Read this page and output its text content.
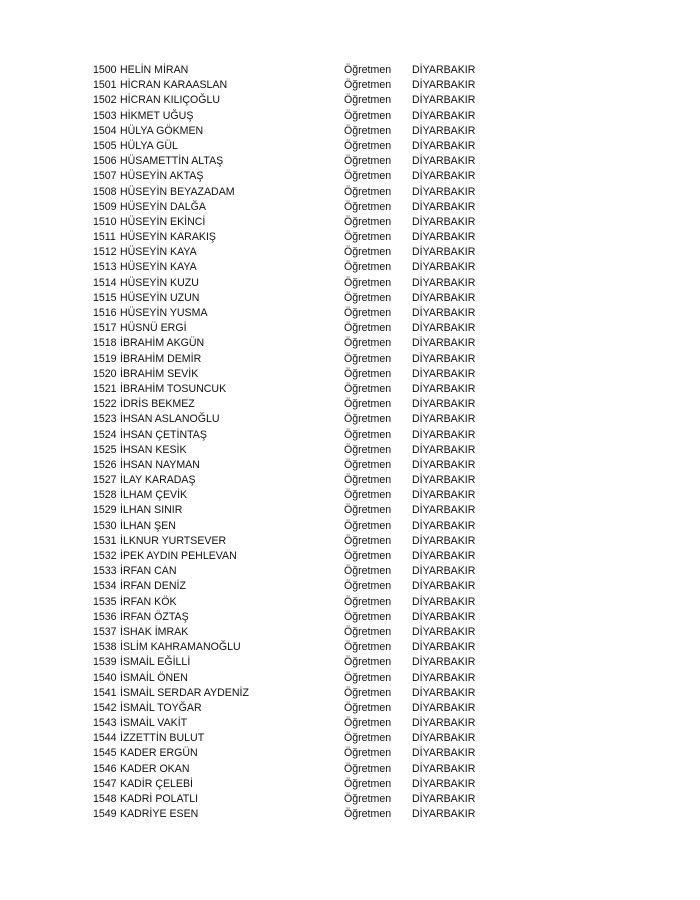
1500 HELİN MİRAN	Öğretmen DİYARBAKIR
1501 HİCRAN KARAASLAN	Öğretmen DİYARBAKIR
1502 HİCRAN KILIÇOĞLU	Öğretmen DİYARBAKIR
1503 HİKMET UĞUŞ	Öğretmen DİYARBAKIR
1504 HÜLYA GÖKMEN	Öğretmen DİYARBAKIR
1505 HÜLYA GÜL	Öğretmen DİYARBAKIR
1506 HÜSAMETTİN ALTAŞ	Öğretmen DİYARBAKIR
1507 HÜSEYİN AKTAŞ	Öğretmen DİYARBAKIR
1508 HÜSEYİN BEYAZADAM	Öğretmen DİYARBAKIR
1509 HÜSEYİN DALĞA	Öğretmen DİYARBAKIR
1510 HÜSEYİN EKİNCİ	Öğretmen DİYARBAKIR
1511 HÜSEYİN KARAKIŞ	Öğretmen DİYARBAKIR
1512 HÜSEYİN KAYA	Öğretmen DİYARBAKIR
1513 HÜSEYİN KAYA	Öğretmen DİYARBAKIR
1514 HÜSEYİN KUZU	Öğretmen DİYARBAKIR
1515 HÜSEYİN UZUN	Öğretmen DİYARBAKIR
1516 HÜSEYİN YUSMA	Öğretmen DİYARBAKIR
1517 HÜSNÜ ERGİ	Öğretmen DİYARBAKIR
1518 İBRAHİM AKGÜN	Öğretmen DİYARBAKIR
1519 İBRAHİM DEMİR	Öğretmen DİYARBAKIR
1520 İBRAHİM SEVİK	Öğretmen DİYARBAKIR
1521 İBRAHİM TOSUNCUK	Öğretmen DİYARBAKIR
1522 İDRİS BEKMEZ	Öğretmen DİYARBAKIR
1523 İHSAN ASLANOĞLU	Öğretmen DİYARBAKIR
1524 İHSAN ÇETİNTAŞ	Öğretmen DİYARBAKIR
1525 İHSAN KESİK	Öğretmen DİYARBAKIR
1526 İHSAN NAYMAN	Öğretmen DİYARBAKIR
1527 İLAY KARADAŞ	Öğretmen DİYARBAKIR
1528 İLHAM ÇEVİK	Öğretmen DİYARBAKIR
1529 İLHAN SINIR	Öğretmen DİYARBAKIR
1530 İLHAN ŞEN	Öğretmen DİYARBAKIR
1531 İLKNUR YURTSEVER	Öğretmen DİYARBAKIR
1532 İPEK AYDIN PEHLEVAN	Öğretmen DİYARBAKIR
1533 İRFAN CAN	Öğretmen DİYARBAKIR
1534 İRFAN DENİZ	Öğretmen DİYARBAKIR
1535 İRFAN KÖK	Öğretmen DİYARBAKIR
1536 İRFAN ÖZTAŞ	Öğretmen DİYARBAKIR
1537 İSHAK İMRAK	Öğretmen DİYARBAKIR
1538 İSLİM KAHRAMANOĞLU	Öğretmen DİYARBAKIR
1539 İSMAİL EĞİLLİ	Öğretmen DİYARBAKIR
1540 İSMAİL ÖNEN	Öğretmen DİYARBAKIR
1541 İSMAİL SERDAR AYDENİZ	Öğretmen DİYARBAKIR
1542 İSMAİL TOYĞAR	Öğretmen DİYARBAKIR
1543 İSMAİL VAKİT	Öğretmen DİYARBAKIR
1544 İZZETTİN BULUT	Öğretmen DİYARBAKIR
1545 KADER ERGÜN	Öğretmen DİYARBAKIR
1546 KADER OKAN	Öğretmen DİYARBAKIR
1547 KADİR ÇELEBİ	Öğretmen DİYARBAKIR
1548 KADRİ POLATLI	Öğretmen DİYARBAKIR
1549 KADRİYE ESEN	Öğretmen DİYARBAKIR
